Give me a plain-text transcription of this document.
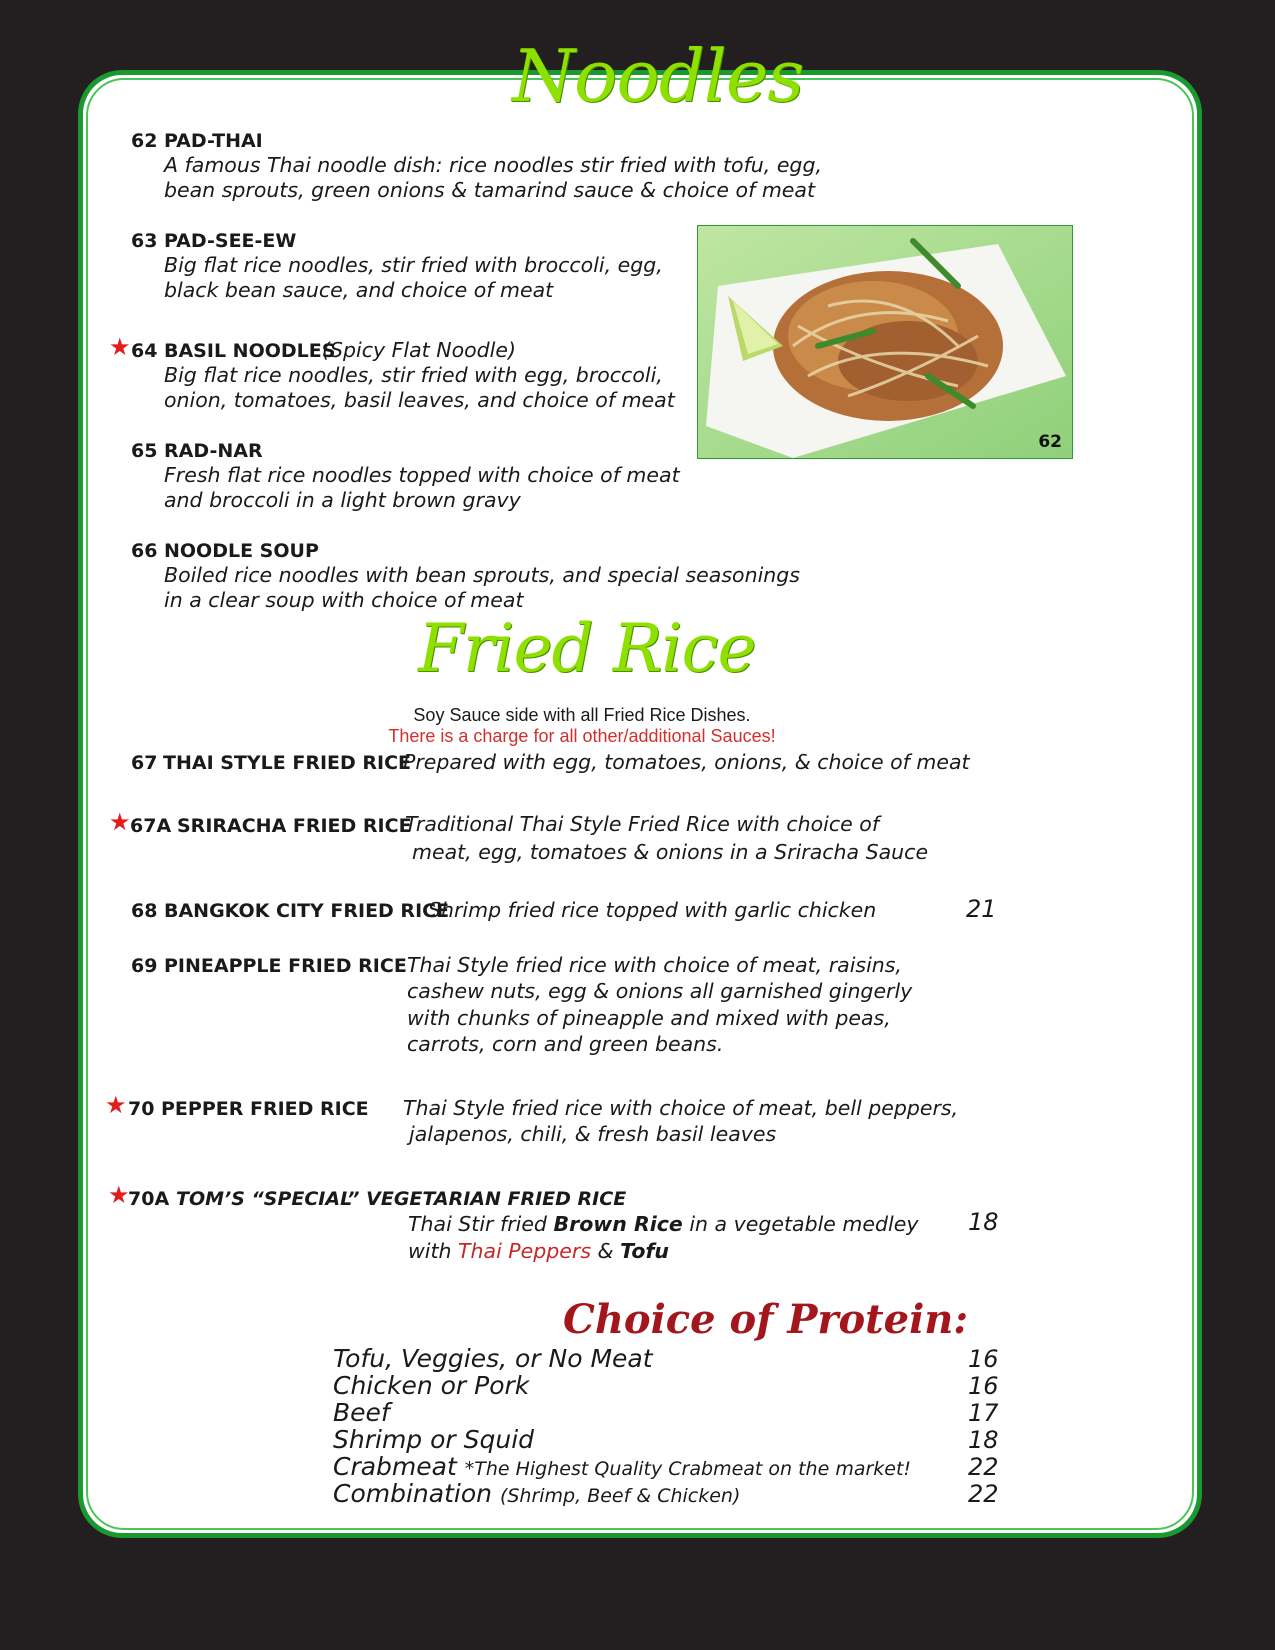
Noodles
62 PAD-THAI
A famous Thai noodle dish: rice noodles stir fried with tofu, egg,
bean sprouts, green onions & tamarind sauce & choice of meat
63 PAD-SEE-EW
Big flat rice noodles, stir fried with broccoli, egg,
black bean sauce, and choice of meat
★ 64 BASIL NOODLES
(Spicy Flat Noodle)
Big flat rice noodles, stir fried with egg, broccoli,
onion, tomatoes, basil leaves, and choice of meat
65 RAD-NAR
Fresh flat rice noodles topped with choice of meat
and broccoli in a light brown gravy
66 NOODLE SOUP
Boiled rice noodles with bean sprouts, and special seasonings
in a clear soup with choice of meat
62
Fried Rice
Soy Sauce side with all Fried Rice Dishes.
There is a charge for all other/additional Sauces!
67 THAI STYLE FRIED RICE
Prepared with egg, tomatoes, onions, & choice of meat
★ 67A SRIRACHA FRIED RICE
Traditional Thai Style Fried Rice with choice of
meat, egg, tomatoes & onions in a Sriracha Sauce
68 BANGKOK CITY FRIED RICE
Shrimp fried rice topped with garlic chicken	21
69 PINEAPPLE FRIED RICE Thai Style fried rice with choice of meat, raisins,
cashew nuts, egg & onions all garnished gingerly
with chunks of pineapple and mixed with peas,
carrots, corn and green beans.
★ 70 PEPPER FRIED RICE Thai Style fried rice with choice of meat, bell peppers,
jalapenos, chili, & fresh basil leaves
★
70A TOM’S “SPECIAL” VEGETARIAN FRIED RICE
Thai Stir fried Brown Rice in a vegetable medley
with Thai Peppers & Tofu
18
Choice of Protein:
Tofu, Veggies, or No Meat	16
Chicken or Pork	16
Beef	17
Shrimp or Squid	18
Crabmeat *The Highest Quality Crabmeat on the market! 22
Combination (Shrimp, Beef & Chicken)	22
